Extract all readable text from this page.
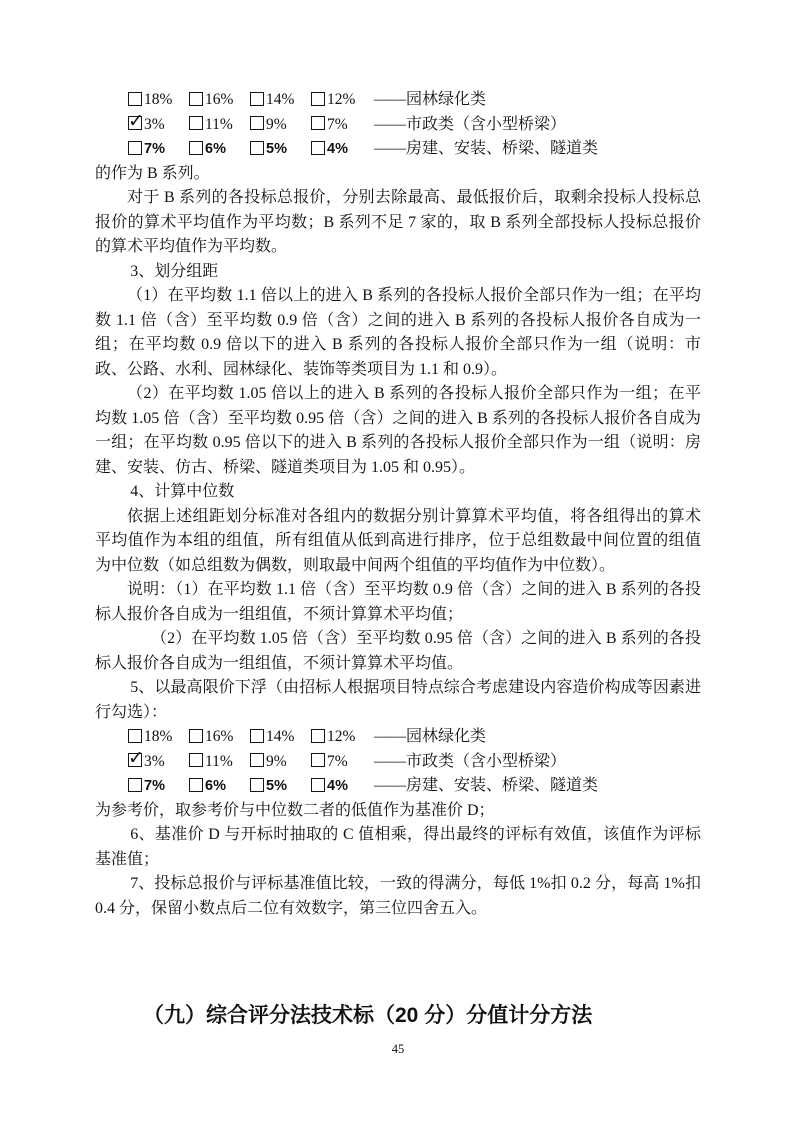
18% 16% 14% 12% ——园林绿化类

✓3%	11% 9%	7% ——市政类（含小型桥梁）

7%	6%	5%	4% ——房建、安装、桥梁、隧道类

的作为 B 系列。

对于 B 系列的各投标总报价，分别去除最高、最低报价后，取剩余投标人投标总报价的算术平均值作为平均数；B 系列不足 7 家的，取 B 系列全部投标人投标总报价的算术平均值作为平均数。

3、划分组距

（1）在平均数 1.1 倍以上的进入 B 系列的各投标人报价全部只作为一组；在平均数 1.1 倍（含）至平均数 0.9 倍（含）之间的进入 B 系列的各投标人报价各自成为一组；在平均数 0.9 倍以下的进入 B 系列的各投标人报价全部只作为一组（说明：市政、公路、水利、园林绿化、装饰等类项目为 1.1 和 0.9）。

（2）在平均数 1.05 倍以上的进入 B 系列的各投标人报价全部只作为一组；在平均数 1.05 倍（含）至平均数 0.95 倍（含）之间的进入 B 系列的各投标人报价各自成为一组；在平均数 0.95 倍以下的进入 B 系列的各投标人报价全部只作为一组（说明：房建、安装、仿古、桥梁、隧道类项目为 1.05 和 0.95）。

4、计算中位数

依据上述组距划分标准对各组内的数据分别计算算术平均值，将各组得出的算术平均值作为本组的组值，所有组值从低到高进行排序，位于总组数最中间位置的组值为中位数（如总组数为偶数，则取最中间两个组值的平均值作为中位数）。

说明：（1）在平均数 1.1 倍（含）至平均数 0.9 倍（含）之间的进入 B 系列的各投标人报价各自成为一组组值，不须计算算术平均值；

（2）在平均数 1.05 倍（含）至平均数 0.95 倍（含）之间的进入 B 系列的各投标人报价各自成为一组组值，不须计算算术平均值。

5、以最高限价下浮（由招标人根据项目特点综合考虑建设内容造价构成等因素进行勾选）：

18% 16% 14% 12% ——园林绿化类

✓3%	11% 9%	7% ——市政类（含小型桥梁）

7%	6%	5%	4% ——房建、安装、桥梁、隧道类

为参考价，取参考价与中位数二者的低值作为基准价 D；

6、基准价 D 与开标时抽取的 C 值相乘，得出最终的评标有效值，该值作为评标基准值；

7、投标总报价与评标基准值比较，一致的得满分，每低 1%扣 0.2 分，每高 1%扣 0.4 分，保留小数点后二位有效数字，第三位四舍五入。

（九）综合评分法技术标（20 分）分值计分方法

45
